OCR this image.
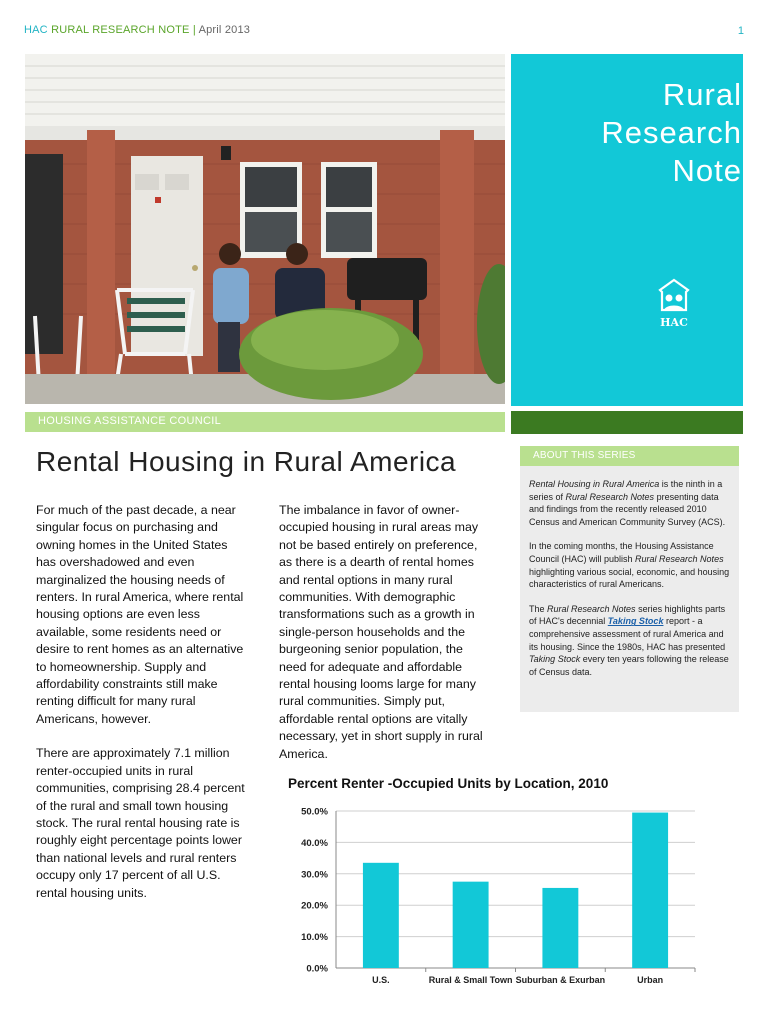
HAC RURAL RESEARCH NOTE | April 2013	1
Rural
Research
Note
HAC
HOUSING ASSISTANCE COUNCIL
Rental Housing in Rural America	ABOUT THIS SERIES

Rental Housing in Rural America is the ninth in a series of Rural Research Notes presenting data and findings from the recently released 2010 Census and American Community Survey (ACS).

In the coming months, the Housing Assistance Council (HAC) will publish Rural Research Notes highlighting various social, economic, and housing characteristics of rural Americans.

The Rural Research Notes series highlights parts of HAC's decennial Taking Stock report - a comprehensive assessment of rural America and its housing. Since the 1980s, HAC has presented Taking Stock every ten years following the release of Census data.

For much of the past decade, a near singular focus on purchasing and owning homes in the United States has overshadowed and even marginalized the housing needs of renters. In rural America, where rental housing options are even less available, some residents need or desire to rent homes as an alternative to homeownership. Supply and affordability constraints still make renting difficult for many rural Americans, however.

There are approximately 7.1 million renter-occupied units in rural communities, comprising 28.4 percent of the rural and small town housing stock. The rural rental housing rate is roughly eight percentage points lower than national levels and rural renters occupy only 17 percent of all U.S. rental housing units.

The imbalance in favor of owner-occupied housing in rural areas may not be based entirely on preference, as there is a dearth of rental homes and rental options in many rural communities. With demographic transformations such as a growth in single-person households and the burgeoning senior population, the need for adequate and affordable rental housing looms large for many rural communities. Simply put, affordable rental options are vitally necessary, yet in short supply in rural America.

Percent Renter -Occupied Units by Location, 2010
0.0%
10.0%
20.0%
30.0%
40.0%
50.0%
U.S.	Rural & Small Town Suburban & Exurban	Urban
